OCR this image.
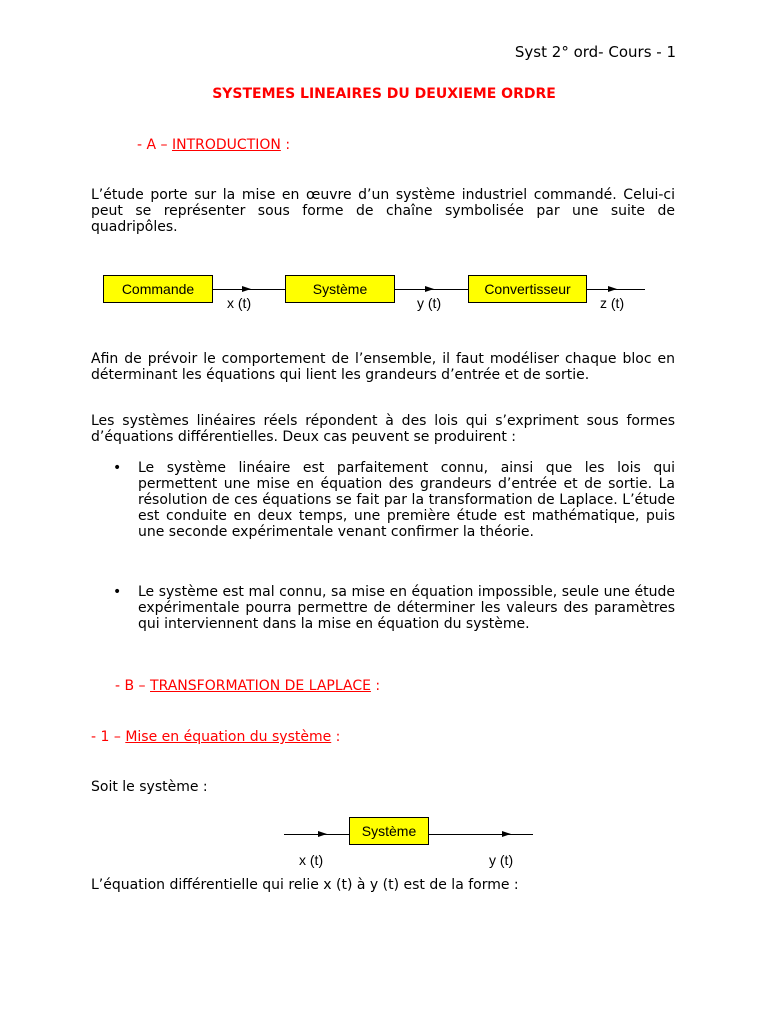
Syst 2° ord- Cours - 1
SYSTEMES LINEAIRES DU DEUXIEME ORDRE
- A – INTRODUCTION :
L’étude porte sur la mise en œuvre d’un système industriel commandé. Celui-ci peut se représenter sous forme de chaîne symbolisée par une suite de quadripôles.
Commande
x (t)
Système
y (t)
Convertisseur
z (t)
Afin de prévoir le comportement de l’ensemble, il faut modéliser chaque bloc en déterminant les équations qui lient les grandeurs d’entrée et de sortie.
Les systèmes linéaires réels répondent à des lois qui s’expriment sous formes d’équations différentielles. Deux cas peuvent se produirent :
• Le système linéaire est parfaitement connu, ainsi que les lois qui permettent une mise en équation des grandeurs d’entrée et de sortie. La résolution de ces équations se fait par la transformation de Laplace. L’étude est conduite en deux temps, une première étude est mathématique, puis une seconde expérimentale venant confirmer la théorie.
• Le système est mal connu, sa mise en équation impossible, seule une étude expérimentale pourra permettre de déterminer les valeurs des paramètres qui interviennent dans la mise en équation du système.
- B – TRANSFORMATION DE LAPLACE :
- 1 – Mise en équation du système :
Soit le système :
Système
x (t)	y (t)
L’équation différentielle qui relie x (t) à y (t) est de la forme :
